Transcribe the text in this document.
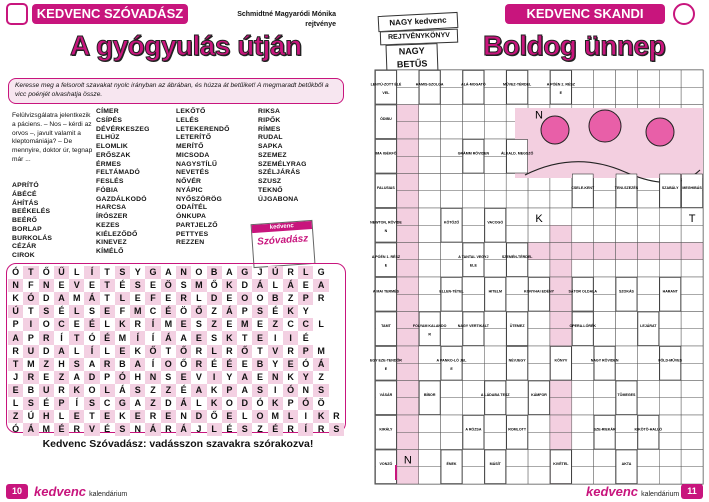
KEDVENC SZÓVADÁSZ	Schmidtné Magyaródi Mónika
rejtvénye
A gyógyulás útján
Keresse meg a felsorolt szavakat nyolc irányban az ábrában, és húzza át betűiket! A megmaradt betűkből a vicc poénjét olvashatja össze.
Felülvizsgálatra jelentkezik a páciens. – Nos – kérdi az orvos –, javult valamit a kleptomániája? – De mennyire, doktor úr, tegnap már ...
APRÍTÓ
ÁBÉCÉ
ÁHÍTÁS
BEÉKELÉS
BEÉRŐ
BORLAP
BURKOLÁS
CÉZÁR
CIROK
CÍMER
CSÍPÉS
DÉVÉRKESZEG
ELHÚZ
ELOMLIK
ERŐSZAK
ÉRMES
FELTÁMADÓ
FESLÉS
FÓBIA
GAZDÁLKODÓ
HARCSA
ÍRÓSZER
KEZES
KIÉLEZŐDŐ
KINEVEZ
KÍMÉLŐ
LEKŐTŐ
LELÉS
LETEKERENDŐ
LETERÍTŐ
MERÍTŐ
MICSODA
NAGYSTÍLŰ
NEVETÉS
NŐVÉR
NYÁPIC
NYŐSZÖRÖG
ODAÍTÉL
ÓNKUPA
PARTJELZŐ
PETTYES
REZZEN
RIKSA
RIPŐK
RÍMES
RUDAL
SAPKA
SZEMEZ
SZEMÉLYRAG
SZÉLJÁRÁS
SZUSZ
TEKNŐ
ÚJGABONA
kedvenc
Szóvadász
Ó	T	Ő	Ű	L	Í	T	S	Y	G	A	N	O	B	A	G	J	Ú	R	L	G	
N	F	N	E	V	E	T	É	S	E	Ö	S	M	Ő	K	D	Á	L	Á	E	A	
K	Ó	D	A	M	Á	T	L	E	F	E	R	L	D	E	O	O	B	Z	P	R	
Ú	T	S	É	L	S	E	F	M	C	É	Ö	Ő	Z	Á	P	S	É	K	Y		
P	I	O	C	E	É	L	K	R	Í	M	E	S	Z	E	M	E	Z	C	C	L	
A	P	R	Í	T	Ó	É	M	Í	Í	Á	A	E	S	K	T	E	I	I	É		
R	U	D	A	L	Í	L	E	K	Ő	T	Ő	R	L	R	Ő	T	V	R	P	M	
T	M	Z	H	S	A	R	B	A	Í	O	Ő	R	É	É	E	B	Y	E	Ó	Á	
J	R	E	Z	A	D	P	Ó	H	N	S	E	V	I	Y	A	E	N	K	Y	Z	
E	B	U	R	K	O	L	Á	S	Z	Z	É	A	K	P	A	S	I	Ó	N	S	
L	S	É	P	Í	S	C	G	A	Z	D	Á	L	K	O	D	Ó	K	P	Ó	Ö	
Z	Ú	H	L	E	T	E	K	E	R	E	N	D	Ő	E	L	O	M	L	I	K	R
Ó	Á	M	É	R	V	É	S	N	Á	R	Á	J	L	É	S	Z	É	R	Í	R	S
Kedvenc Szóvadász: vadásszon szavakra szórakozva!
10 kedvenc kalendárium
KEDVENC SKANDI
Boldog ünnep
NAGY kedvenc
REJTVÉNYKÖNYV
NAGY BETŰS
LENYÚ-ZOTT ÉLÉ
VEL
ÓDIBU
IMA IGÉKFŐ
FALUSIAS
NEWTON, RÖVIDE
N
A PÓÉN 1. RÉSZ
E
A MAI TERMÉS
TAMT
EGY EZE-TENDŐR
E
VÁSÁR
KIRÁLY
VONZÓ
HAMIS-SZOLGA	ALÁ-MOGATÓ	MŰVEZ-TÉRDEL	A PÓÉN 2. RÉSZ
E
GRÁMM RÖVIDEN	ÁLKALD. MEGSZŐ
CSELE-KENT	TENI-SZEZÉS	SZABÁLY MEGHIBÁS
KÖTÖZŐ	VACOGÓ
A TANTAL VEGYJ
ELE
SZEMÉN-TÉRDEL
ELLEN-TÉTEL	HITELM	KONYHAI EDÉNY	SÁTOR OLDALA	SZOKÁS	HARANT
FOLYAM KALANDO
R
NAGY VERTIKÁLT	ÜTEMEZ	OPERA-LÓRÉK	LEJÁRAT
A PANKO-LÓ JEL
E
NÉVJEGY	KÖNYV	NAGY RÖVIDEN	FÖLD-MŰVES
BÍBOR	A LÁDABA TESZ	KÁMFOR	TÖMEGES
A RÓZSA	ROMLOTT	SZE-RIEKÁR	KIKÖTÖ-HALLÓ
ÉNEK	MÁSÍT	KIVÉTEL	AKTA
N
K	T
N
11
kedvenc kalendárium
